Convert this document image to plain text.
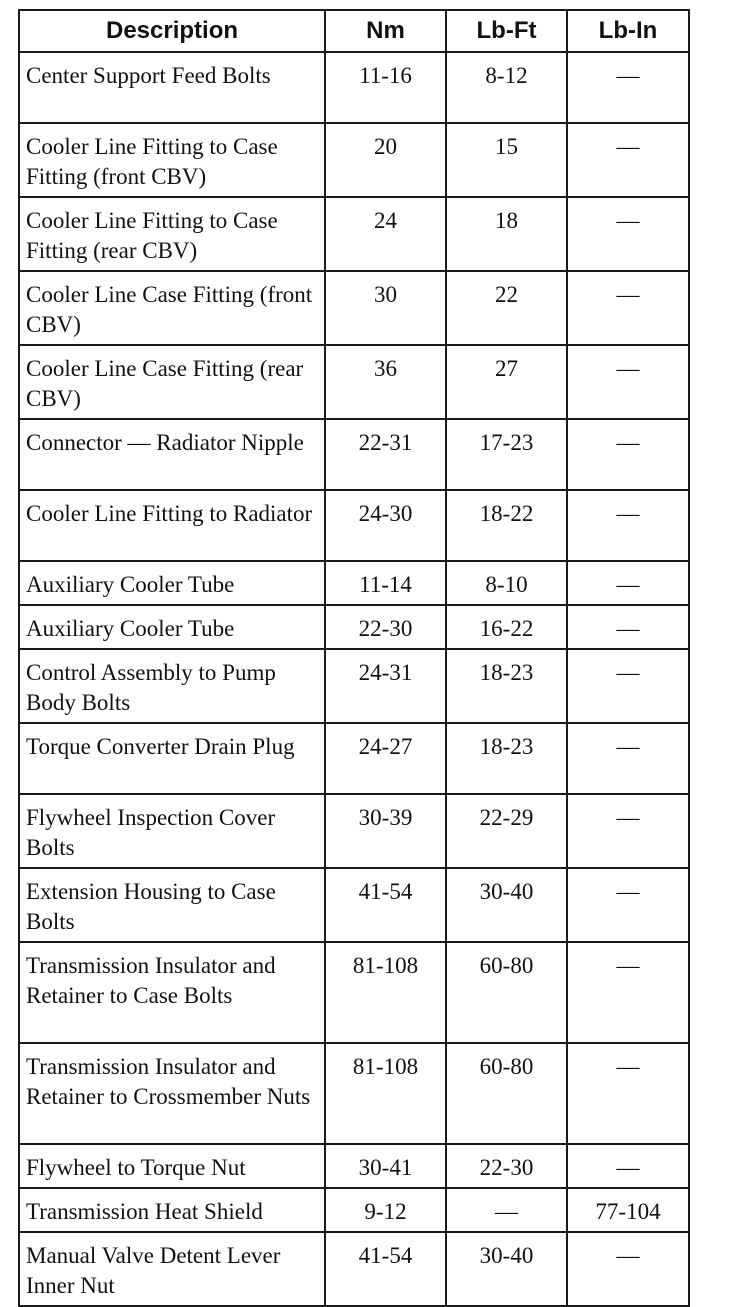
Description	Nm	Lb-Ft	Lb-In
Center Support Feed Bolts	11-16	8-12	—
Cooler Line Fitting to Case Fitting (front CBV)	20	15	—
Cooler Line Fitting to Case Fitting (rear CBV)	24	18	—
Cooler Line Case Fitting (front CBV)	30	22	—
Cooler Line Case Fitting (rear CBV)	36	27	—
Connector — Radiator Nipple	22-31	17-23	—
Cooler Line Fitting to Radiator	24-30	18-22	—
Auxiliary Cooler Tube	11-14	8-10	—
Auxiliary Cooler Tube	22-30	16-22	—
Control Assembly to Pump Body Bolts	24-31	18-23	—
Torque Converter Drain Plug	24-27	18-23	—
Flywheel Inspection Cover Bolts	30-39	22-29	—
Extension Housing to Case Bolts	41-54	30-40	—
Transmission Insulator and Retainer to Case Bolts	81-108	60-80	—
Transmission Insulator and Retainer to Crossmember Nuts	81-108	60-80	—
Flywheel to Torque Nut	30-41	22-30	—
Transmission Heat Shield	9-12	—	77-104
Manual Valve Detent Lever Inner Nut	41-54	30-40	—
